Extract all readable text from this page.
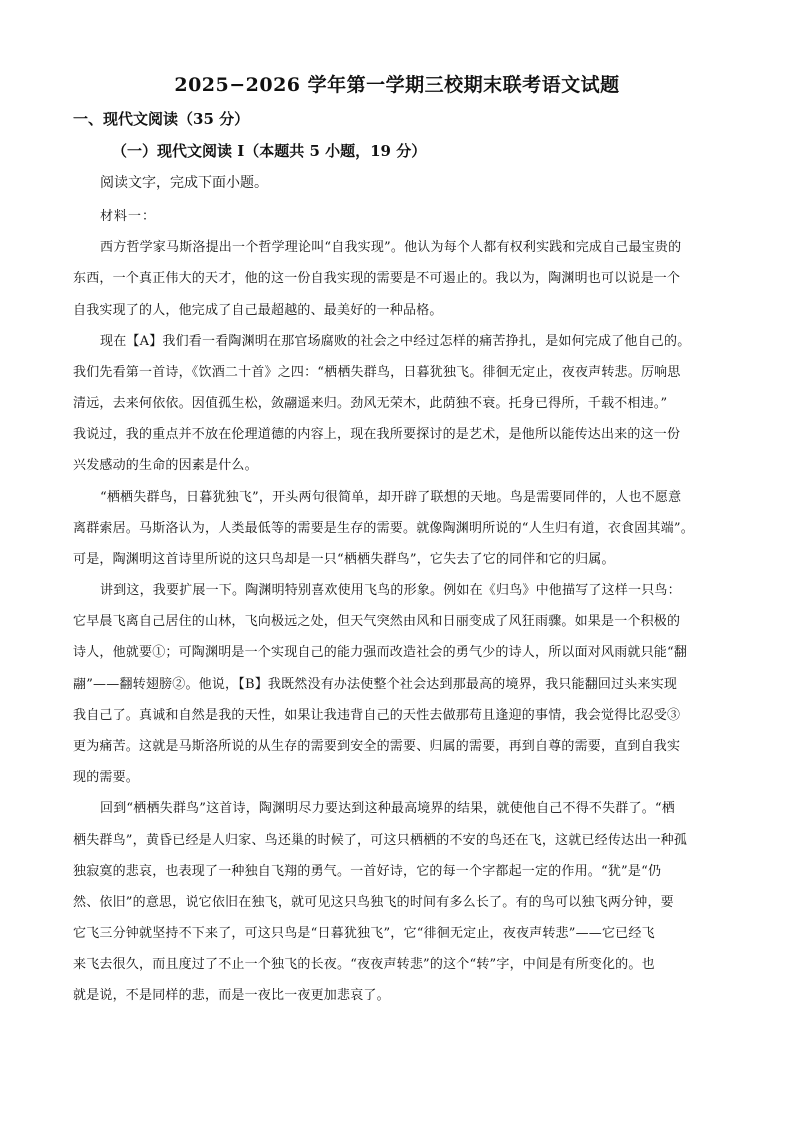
2025−2026 学年第一学期三校期末联考语文试题
一、现代文阅读（35 分）
（一）现代文阅读 I（本题共 5 小题，19 分）
阅读文字，完成下面小题。
材料一：
西方哲学家马斯洛提出一个哲学理论叫“自我实现”。他认为每个人都有权利实践和完成自己最宝贵的
东西，一个真正伟大的天才，他的这一份自我实现的需要是不可遏止的。我以为，陶渊明也可以说是一个
自我实现了的人，他完成了自己最超越的、最美好的一种品格。
现在【A】我们看一看陶渊明在那官场腐败的社会之中经过怎样的痛苦挣扎，是如何完成了他自己的。
我们先看第一首诗，《饮酒二十首》之四：“栖栖失群鸟，日暮犹独飞。徘徊无定止，夜夜声转悲。厉响思
清远，去来何依依。因值孤生松，敛翮遥来归。劲风无荣木，此荫独不衰。托身已得所，千载不相违。”
我说过，我的重点并不放在伦理道德的内容上，现在我所要探讨的是艺术，是他所以能传达出来的这一份
兴发感动的生命的因素是什么。
“栖栖失群鸟，日暮犹独飞”，开头两句很简单，却开辟了联想的天地。鸟是需要同伴的，人也不愿意
离群索居。马斯洛认为，人类最低等的需要是生存的需要。就像陶渊明所说的“人生归有道，衣食固其端”。
可是，陶渊明这首诗里所说的这只鸟却是一只“栖栖失群鸟”，它失去了它的同伴和它的归属。
讲到这，我要扩展一下。陶渊明特别喜欢使用飞鸟的形象。例如在《归鸟》中他描写了这样一只鸟：
它早晨飞离自己居住的山林，飞向极远之处，但天气突然由风和日丽变成了风狂雨骤。如果是一个积极的
诗人，他就要①；可陶渊明是一个实现自己的能力强而改造社会的勇气少的诗人，所以面对风雨就只能“翻
翮”——翻转翅膀②。他说，【B】我既然没有办法使整个社会达到那最高的境界，我只能翻回过头来实现
我自己了。真诚和自然是我的天性，如果让我违背自己的天性去做那苟且逢迎的事情，我会觉得比忍受③
更为痛苦。这就是马斯洛所说的从生存的需要到安全的需要、归属的需要，再到自尊的需要，直到自我实
现的需要。
回到“栖栖失群鸟”这首诗，陶渊明尽力要达到这种最高境界的结果，就使他自己不得不失群了。“栖
栖失群鸟”，黄昏已经是人归家、鸟还巢的时候了，可这只栖栖的不安的鸟还在飞，这就已经传达出一种孤
独寂寞的悲哀，也表现了一种独自飞翔的勇气。一首好诗，它的每一个字都起一定的作用。“犹”是“仍
然、依旧”的意思，说它依旧在独飞，就可见这只鸟独飞的时间有多么长了。有的鸟可以独飞两分钟，要
它飞三分钟就坚持不下来了，可这只鸟是“日暮犹独飞”，它“徘徊无定止，夜夜声转悲”——它已经飞
来飞去很久，而且度过了不止一个独飞的长夜。“夜夜声转悲”的这个“转”字，中间是有所变化的。也
就是说，不是同样的悲，而是一夜比一夜更加悲哀了。
